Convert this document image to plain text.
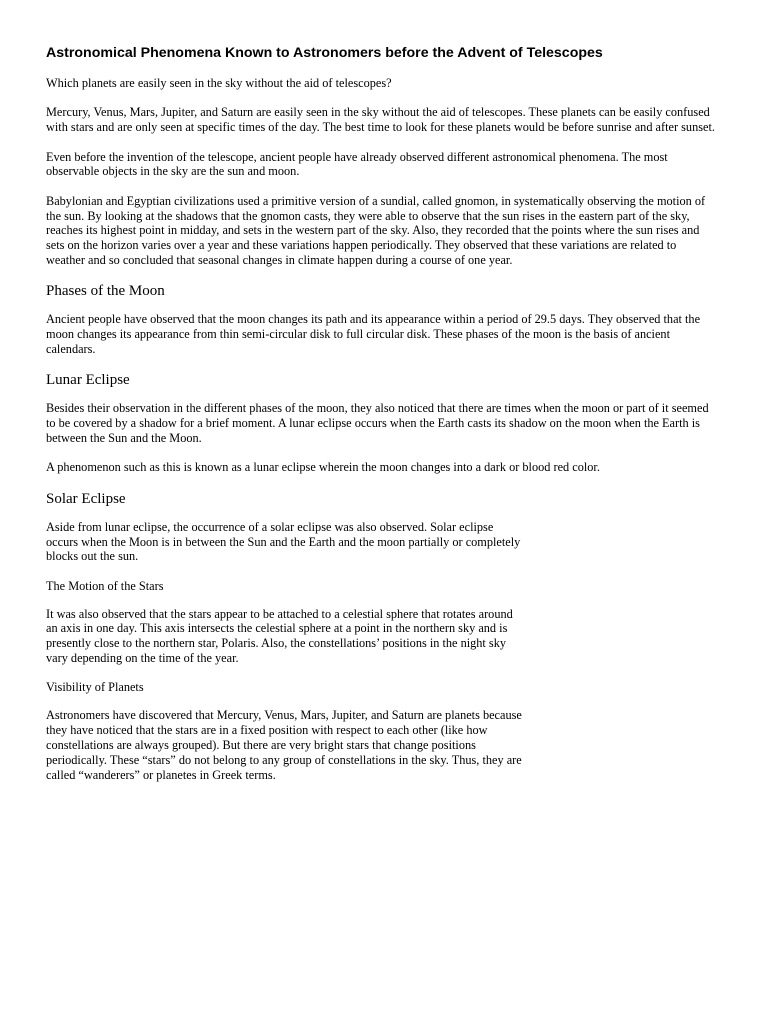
Astronomical Phenomena Known to Astronomers before the Advent of Telescopes

Which planets are easily seen in the sky without the aid of telescopes?

Mercury, Venus, Mars, Jupiter, and Saturn are easily seen in the sky without the aid of telescopes. These planets can be easily confused with stars and are only seen at specific times of the day. The best time to look for these planets would be before sunrise and after sunset.

Even before the invention of the telescope, ancient people have already observed different astronomical phenomena. The most observable objects in the sky are the sun and moon.

Babylonian and Egyptian civilizations used a primitive version of a sundial, called gnomon, in systematically observing the motion of the sun. By looking at the shadows that the gnomon casts, they were able to observe that the sun rises in the eastern part of the sky, reaches its highest point in midday, and sets in the western part of the sky. Also, they recorded that the points where the sun rises and sets on the horizon varies over a year and these variations happen periodically. They observed that these variations are related to weather and so concluded that seasonal changes in climate happen during a course of one year.

Phases of the Moon

Ancient people have observed that the moon changes its path and its appearance within a period of 29.5 days. They observed that the moon changes its appearance from thin semi-circular disk to full circular disk. These phases of the moon is the basis of ancient calendars.

Lunar Eclipse

Besides their observation in the different phases of the moon, they also noticed that there are times when the moon or part of it seemed to be covered by a shadow for a brief moment. A lunar eclipse occurs when the Earth casts its shadow on the moon when the Earth is between the Sun and the Moon.

A phenomenon such as this is known as a lunar eclipse wherein the moon changes into a dark or blood red color.

Solar Eclipse

Aside from lunar eclipse, the occurrence of a solar eclipse was also observed. Solar eclipse occurs when the Moon is in between the Sun and the Earth and the moon partially or completely blocks out the sun.

The Motion of the Stars

It was also observed that the stars appear to be attached to a celestial sphere that rotates around an axis in one day. This axis intersects the celestial sphere at a point in the northern sky and is presently close to the northern star, Polaris. Also, the constellations’ positions in the night sky vary depending on the time of the year.

Visibility of Planets

Astronomers have discovered that Mercury, Venus, Mars, Jupiter, and Saturn are planets because they have noticed that the stars are in a fixed position with respect to each other (like how constellations are always grouped). But there are very bright stars that change positions periodically. These “stars” do not belong to any group of constellations in the sky. Thus, they are called “wanderers” or planetes in Greek terms.
